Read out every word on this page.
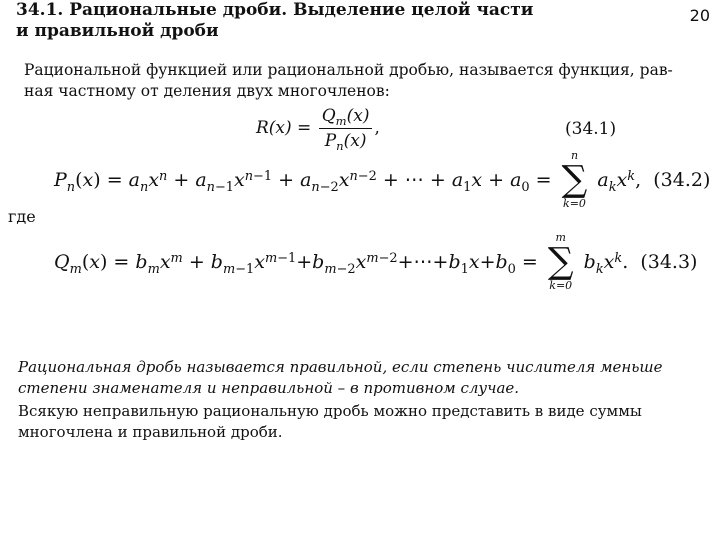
34.1. Рациональные дроби. Выделение целой части
и правильной дроби
20
Рациональной функцией или рациональной дробью, называется функция, рав-
ная частному от деления двух многочленов:
$R(x) = \frac{Q_m(x)}{P_n(x)}$ ,	(34.1)
$P_n(x) = a_nx^n + a_{n-1}x^{n-1} + a_{n-2}x^{n-2}$ + ⋯ + $a_1x + a_0$ =
n
∑
k=0
$a_kx^k$,  (34.2)
где
$Q_m(x) = b_mx^m$ + $b_{m-1}x^{m-1}+b_{m-2}x^{m-2}+\cdots+b_1x+b_0$ =
m
∑
k=0
$b_kx^k$.  (34.3)
Рациональная дробь называется правильной, если степень числителя меньше
степени знаменателя и неправильной – в противном случае.
Всякую неправильную рациональную дробь можно представить в виде суммы
многочлена и правильной дроби.
